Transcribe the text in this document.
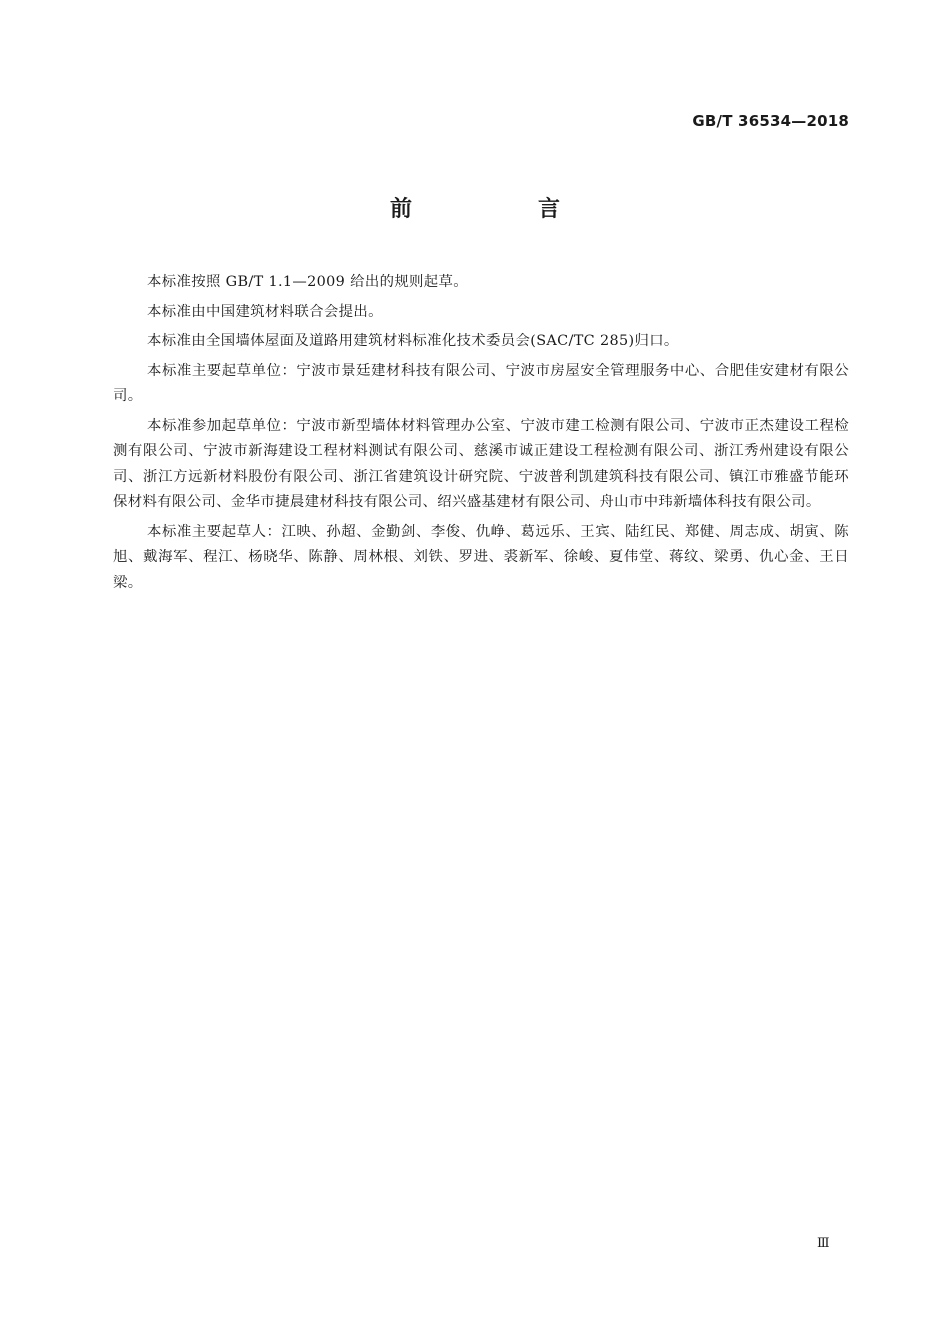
GB/T 36534—2018
前　言

本标准按照 GB/T 1.1—2009 给出的规则起草。

本标准由中国建筑材料联合会提出。

本标准由全国墙体屋面及道路用建筑材料标准化技术委员会(SAC/TC 285)归口。

本标准主要起草单位：宁波市景廷建材科技有限公司、宁波市房屋安全管理服务中心、合肥佳安建材有限公司。

本标准参加起草单位：宁波市新型墙体材料管理办公室、宁波市建工检测有限公司、宁波市正杰建设工程检测有限公司、宁波市新海建设工程材料测试有限公司、慈溪市诚正建设工程检测有限公司、浙江秀州建设有限公司、浙江方远新材料股份有限公司、浙江省建筑设计研究院、宁波普利凯建筑科技有限公司、镇江市雅盛节能环保材料有限公司、金华市捷晨建材科技有限公司、绍兴盛基建材有限公司、舟山市中玮新墙体科技有限公司。

本标准主要起草人：江映、孙超、金勤剑、李俊、仇峥、葛远乐、王宾、陆红民、郑健、周志成、胡寅、陈旭、戴海军、程江、杨晓华、陈静、周林根、刘铁、罗进、裘新军、徐峻、夏伟堂、蒋纹、梁勇、仇心金、王日梁。

Ⅲ
